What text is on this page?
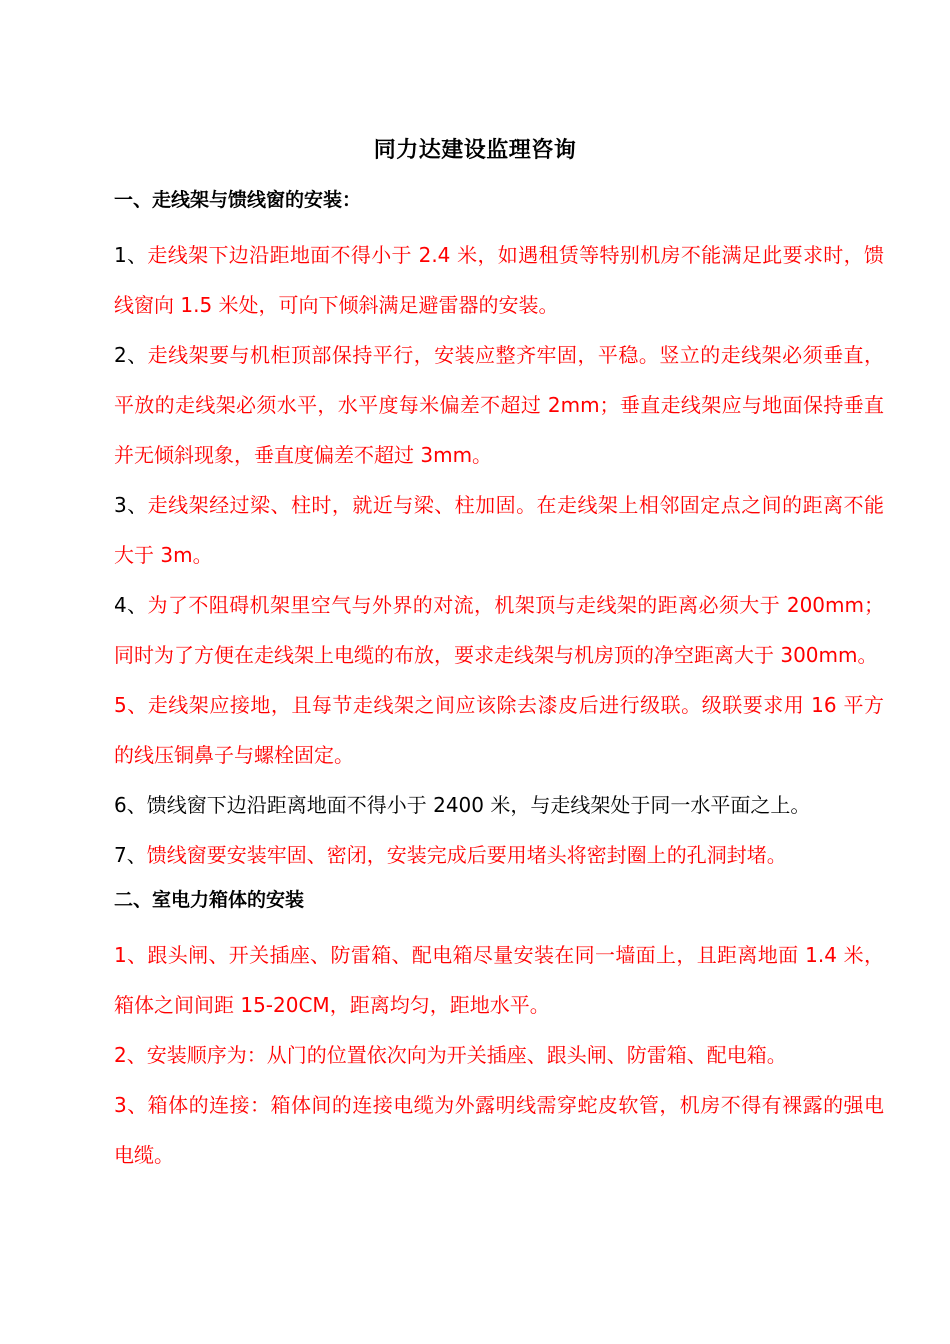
同力达建设监理咨询
一、走线架与馈线窗的安装：

1、走线架下边沿距地面不得小于 2.4 米，如遇租赁等特别机房不能满足此要求时，馈线窗向 1.5 米处，可向下倾斜满足避雷器的安装。

2、走线架要与机柜顶部保持平行，安装应整齐牢固，平稳。竖立的走线架必须垂直，平放的走线架必须水平，水平度每米偏差不超过 2mm；垂直走线架应与地面保持垂直并无倾斜现象，垂直度偏差不超过 3mm。

3、走线架经过梁、柱时，就近与梁、柱加固。在走线架上相邻固定点之间的距离不能大于 3m。

4、为了不阻碍机架里空气与外界的对流，机架顶与走线架的距离必须大于 200mm；同时为了方便在走线架上电缆的布放，要求走线架与机房顶的净空距离大于 300mm。

5、走线架应接地，且每节走线架之间应该除去漆皮后进行级联。级联要求用 16 平方的线压铜鼻子与螺栓固定。

6、馈线窗下边沿距离地面不得小于 2400 米，与走线架处于同一水平面之上。

7、馈线窗要安装牢固、密闭，安装完成后要用堵头将密封圈上的孔洞封堵。

二、室电力箱体的安装

1、跟头闸、开关插座、防雷箱、配电箱尽量安装在同一墙面上，且距离地面 1.4 米，箱体之间间距 15-20CM，距离均匀，距地水平。

2、安装顺序为：从门的位置依次向为开关插座、跟头闸、防雷箱、配电箱。

3、箱体的连接：箱体间的连接电缆为外露明线需穿蛇皮软管，机房不得有裸露的强电电缆。
